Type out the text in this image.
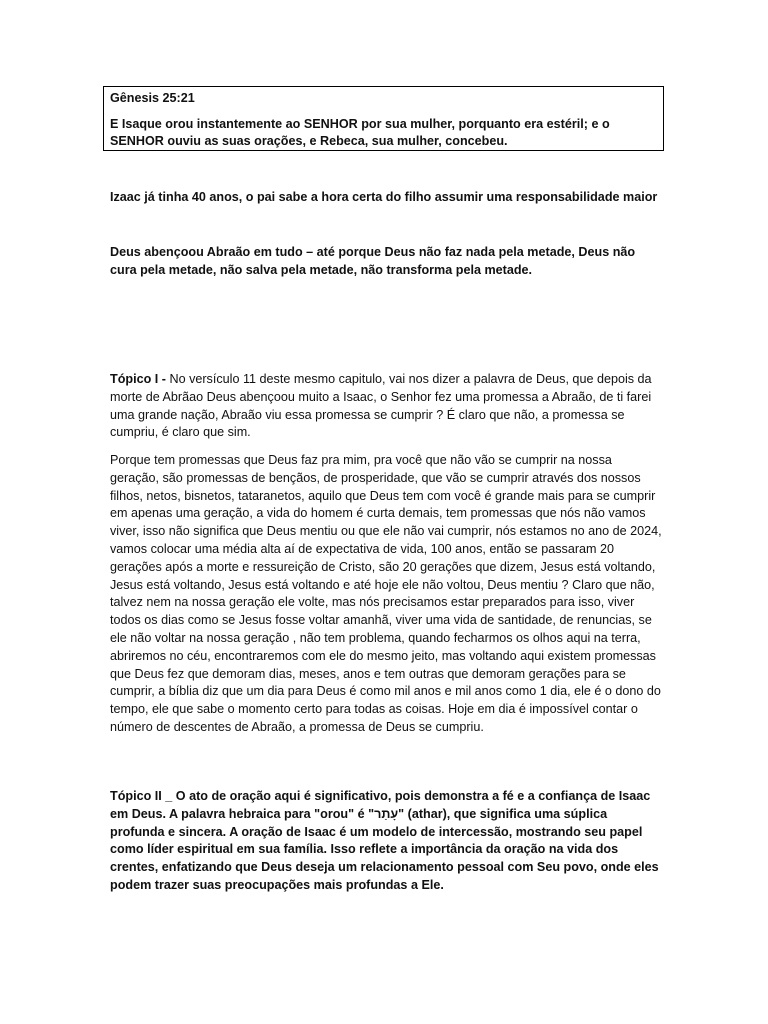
Gênesis 25:21

E Isaque orou instantemente ao SENHOR por sua mulher, porquanto era estéril; e o SENHOR ouviu as suas orações, e Rebeca, sua mulher, concebeu.

Izaac já tinha 40 anos, o pai sabe a hora certa do filho assumir uma responsabilidade maior

Deus abençoou Abraão em tudo – até porque Deus não faz nada pela metade, Deus não cura pela metade, não salva pela metade, não transforma pela metade.

Tópico I - No versículo 11 deste mesmo capitulo, vai nos dizer a palavra de Deus, que depois da morte de Abrãao Deus abençoou muito a Isaac, o Senhor fez uma promessa a Abraão, de ti farei uma grande nação, Abraão viu essa promessa se cumprir ? É claro que não, a promessa se cumpriu, é claro que sim.

Porque tem promessas que Deus faz pra mim, pra você que não vão se cumprir na nossa geração, são promessas de bençãos, de prosperidade, que vão se cumprir através dos nossos filhos, netos, bisnetos, tataranetos, aquilo que Deus tem com você é grande mais para se cumprir em apenas uma geração, a vida do homem é curta demais, tem promessas que nós não vamos viver, isso não significa que Deus mentiu ou que ele não vai cumprir, nós estamos no ano de 2024, vamos colocar uma média alta aí de expectativa de vida, 100 anos, então se passaram 20 gerações após a morte e ressureição de Cristo, são 20 gerações que dizem, Jesus está voltando, Jesus está voltando, Jesus está voltando e até hoje ele não voltou, Deus mentiu ? Claro que não, talvez nem na nossa geração ele volte, mas nós precisamos estar preparados para isso, viver todos os dias como se Jesus fosse voltar amanhã, viver uma vida de santidade, de renuncias, se ele não voltar na nossa geração , não tem problema, quando fecharmos os olhos aqui na terra, abriremos no céu, encontraremos com ele do mesmo jeito, mas voltando aqui existem promessas que Deus fez que demoram dias, meses, anos e tem outras que demoram gerações para se cumprir, a bíblia diz que um dia para Deus é como mil anos e mil anos como 1 dia, ele é o dono do tempo, ele que sabe o momento certo para todas as coisas. Hoje em dia é impossível contar o número de descentes de Abraão, a promessa de Deus se cumpriu.

Tópico II _ O ato de oração aqui é significativo, pois demonstra a fé e a confiança de Isaac em Deus. A palavra hebraica para "orou" é "עָתַר" (athar), que significa uma súplica profunda e sincera. A oração de Isaac é um modelo de intercessão, mostrando seu papel como líder espiritual em sua família. Isso reflete a importância da oração na vida dos crentes, enfatizando que Deus deseja um relacionamento pessoal com Seu povo, onde eles podem trazer suas preocupações mais profundas a Ele.
